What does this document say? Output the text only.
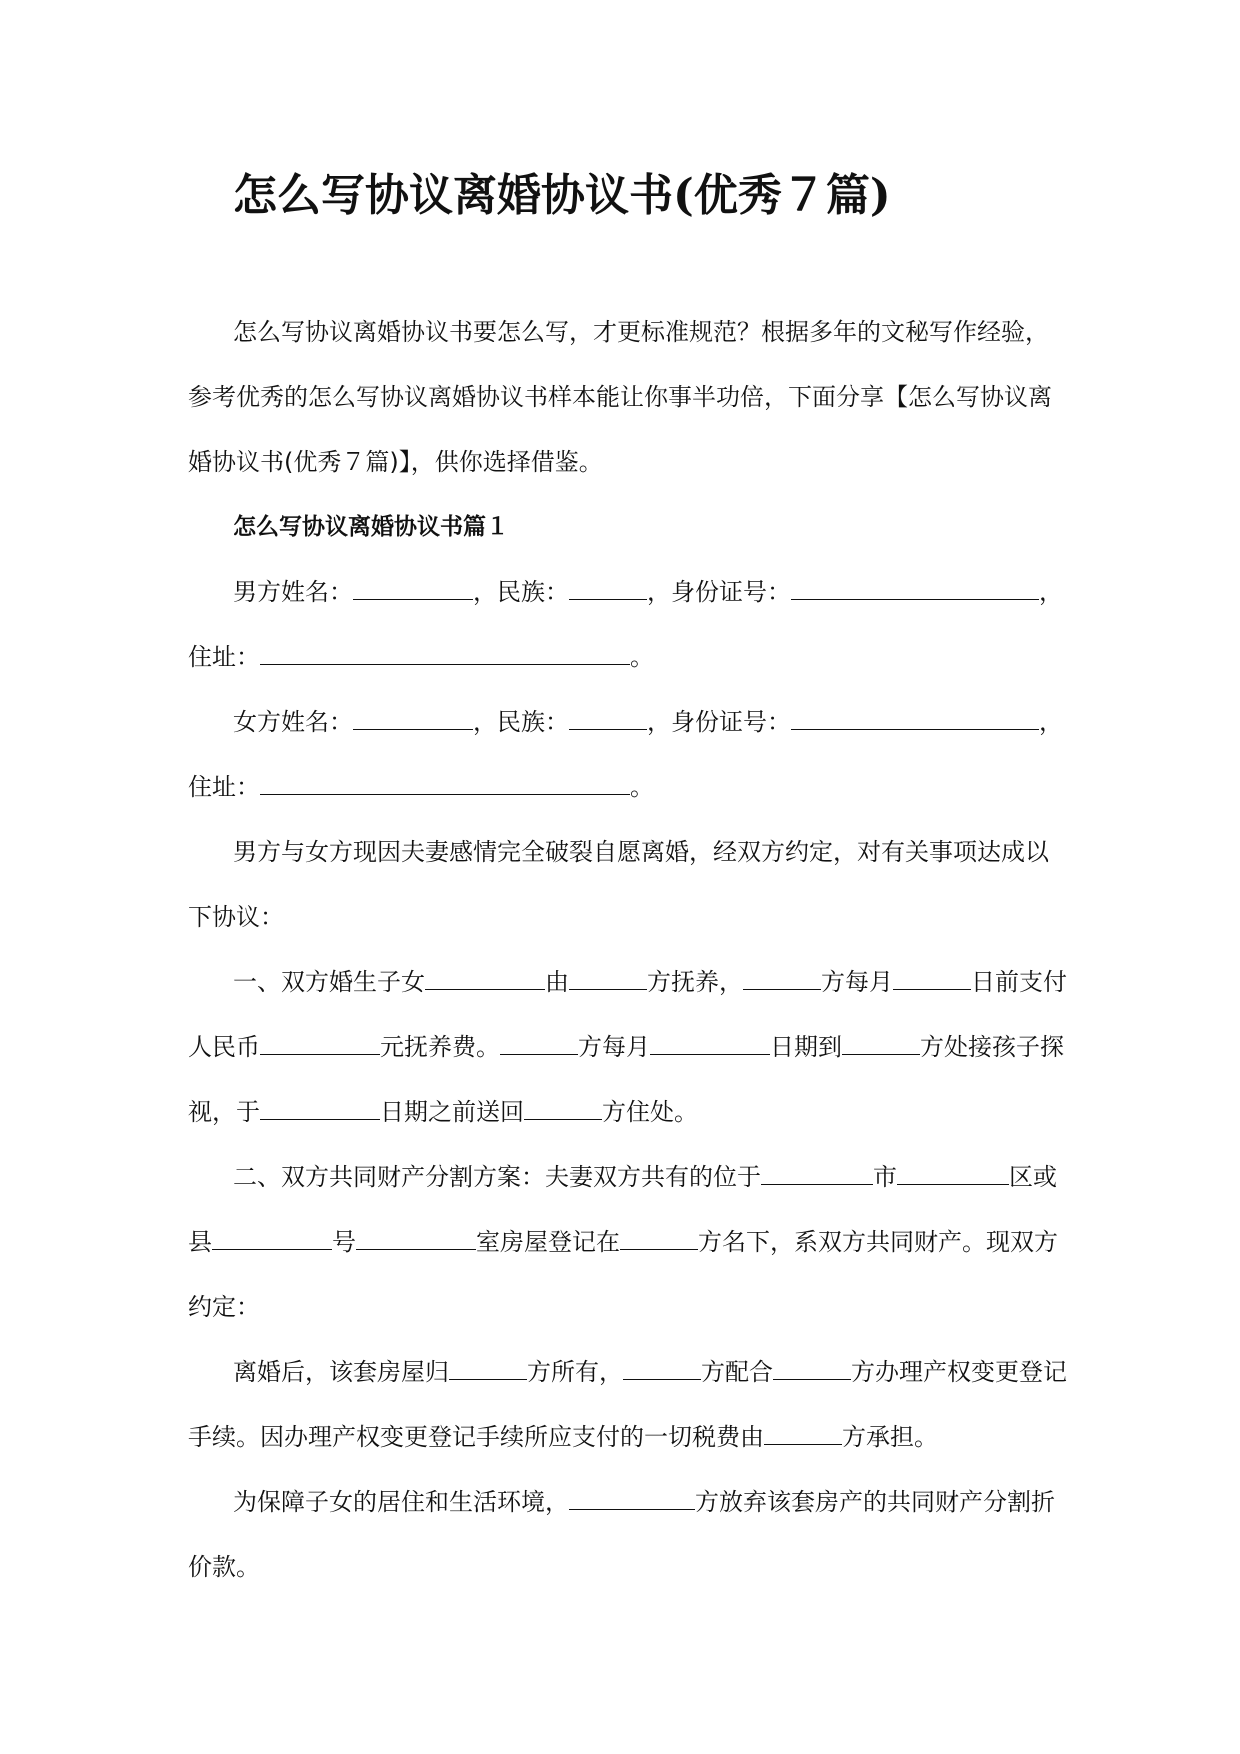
怎么写协议离婚协议书(优秀７篇)

怎么写协议离婚协议书要怎么写，才更标准规范？根据多年的文秘写作经验，参考优秀的怎么写协议离婚协议书样本能让你事半功倍，下面分享【怎么写协议离婚协议书(优秀７篇)】，供你选择借鉴。

怎么写协议离婚协议书篇１

男方姓名：	，民族：	，身份证号：	，住址：	。

女方姓名：	，民族：	，身份证号：	，住址：	。

男方与女方现因夫妻感情完全破裂自愿离婚，经双方约定，对有关事项达成以下协议：

一、双方婚生子女	由	方抚养，	方每月	日前支付人民币	元抚养费。	方每月	日期到	方处接孩子探视，于	日期之前送回	方住处。

二、双方共同财产分割方案：夫妻双方共有的位于	市	区或县	号	室房屋登记在	方名下，系双方共同财产。现双方约定：

离婚后，该套房屋归	方所有，	方配合	方办理产权变更登记手续。因办理产权变更登记手续所应支付的一切税费由	方承担。

为保障子女的居住和生活环境，	方放弃该套房产的共同财产分割折价款。
